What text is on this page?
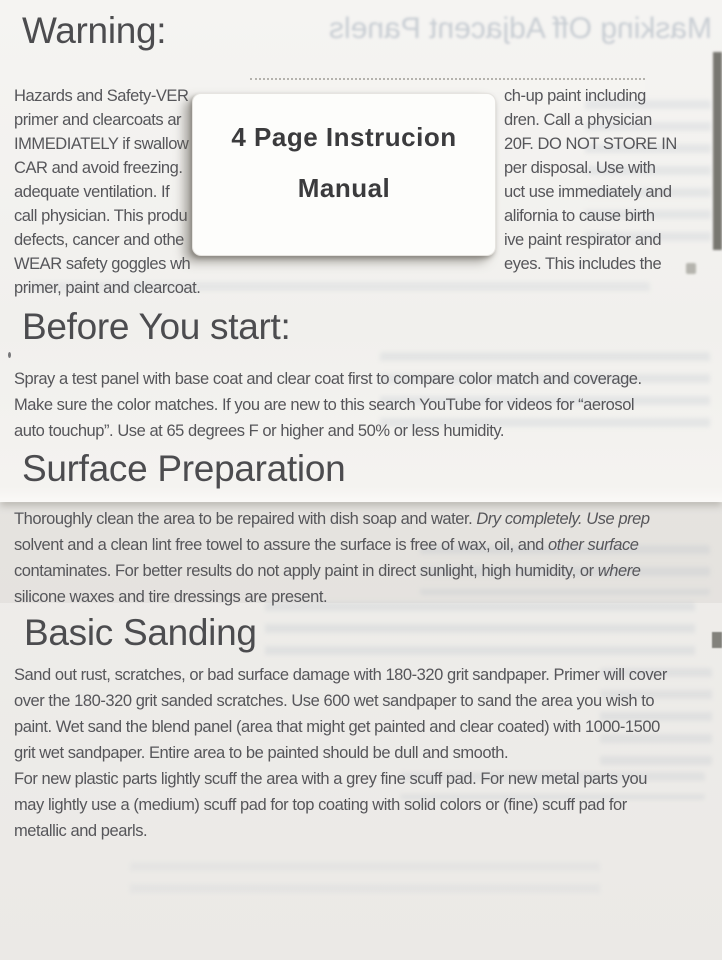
Masking Off Adjacent Panels
Warning:
Hazards and Safety-VER	ch-up paint including
primer and clearcoats ar	dren. Call a physician
IMMEDIATELY if swallow	20F. DO NOT STORE IN
CAR and avoid freezing.	per disposal. Use with
adequate ventilation. If	uct use immediately and
call physician. This produ	alifornia to cause birth
defects, cancer and othe	ive paint respirator and
WEAR safety goggles wh	eyes. This includes the
primer, paint and clearcoat.
4 Page Instrucion
Manual
Before You start:
Spray a test panel with base coat and clear coat first to compare color match and coverage.
Make sure the color matches. If you are new to this search YouTube for videos for “aerosol
auto touchup”. Use at 65 degrees F or higher and 50% or less humidity.
Surface Preparation
Thoroughly clean the area to be repaired with dish soap and water. Dry completely. Use prep
solvent and a clean lint free towel to assure the surface is free of wax, oil, and other surface
contaminates. For better results do not apply paint in direct sunlight, high humidity, or where
silicone waxes and tire dressings are present.
Basic Sanding
Sand out rust, scratches, or bad surface damage with 180-320 grit sandpaper. Primer will cover
over the 180-320 grit sanded scratches. Use 600 wet sandpaper to sand the area you wish to
paint. Wet sand the blend panel (area that might get painted and clear coated) with 1000-1500
grit wet sandpaper. Entire area to be painted should be dull and smooth.
For new plastic parts lightly scuff the area with a grey fine scuff pad. For new metal parts you
may lightly use a (medium) scuff pad for top coating with solid colors or (fine) scuff pad for
metallic and pearls.
